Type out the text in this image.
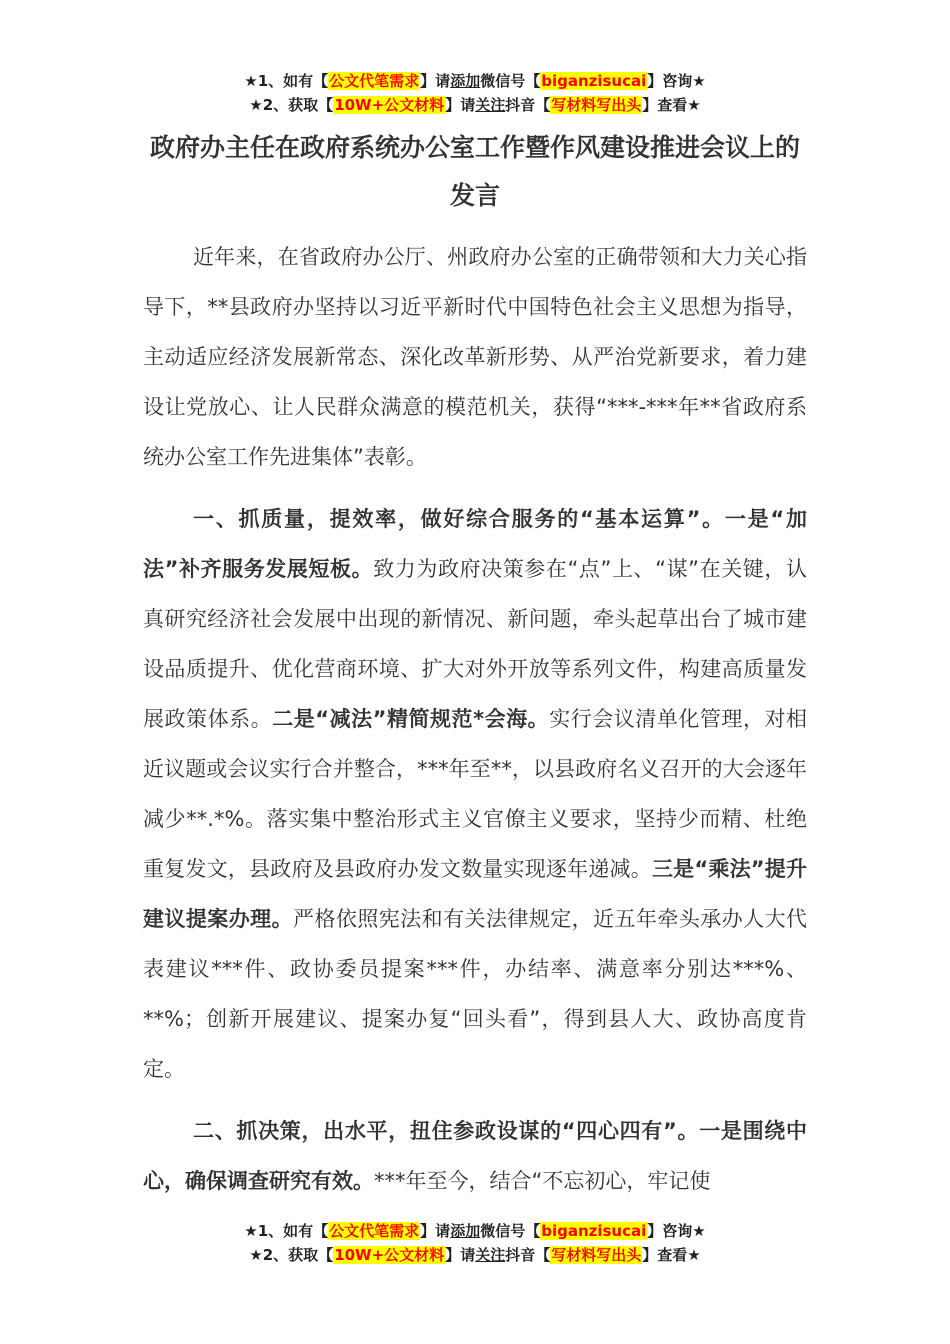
★1、如有【公文代笔需求】请添加微信号【biganzisucai】咨询★
★2、获取【10W+公文材料】请关注抖音【写材料写出头】查看★
政府办主任在政府系统办公室工作暨作风建设推进会议上的发言

近年来，在省政府办公厅、州政府办公室的正确带领和大力关心指导下，**县政府办坚持以习近平新时代中国特色社会主义思想为指导，主动适应经济发展新常态、深化改革新形势、从严治党新要求，着力建设让党放心、让人民群众满意的模范机关，获得“***-***年**省政府系统办公室工作先进集体”表彰。

一、抓质量，提效率，做好综合服务的“基本运算”。一是“加法”补齐服务发展短板。致力为政府决策参在“点”上、“谋”在关键，认真研究经济社会发展中出现的新情况、新问题，牵头起草出台了城市建设品质提升、优化营商环境、扩大对外开放等系列文件，构建高质量发展政策体系。二是“减法”精简规范*会海。实行会议清单化管理，对相近议题或会议实行合并整合，***年至**，以县政府名义召开的大会逐年减少**.*%。落实集中整治形式主义官僚主义要求，坚持少而精、杜绝重复发文，县政府及县政府办发文数量实现逐年递减。三是“乘法”提升建议提案办理。严格依照宪法和有关法律规定，近五年牵头承办人大代表建议***件、政协委员提案***件，办结率、满意率分别达***%、**%；创新开展建议、提案办复“回头看”，得到县人大、政协高度肯定。

二、抓决策，出水平，扭住参政设谋的“四心四有”。一是围绕中心，确保调查研究有效。***年至今，结合“不忘初心，牢记使

★1、如有【公文代笔需求】请添加微信号【biganzisucai】咨询★
★2、获取【10W+公文材料】请关注抖音【写材料写出头】查看★
